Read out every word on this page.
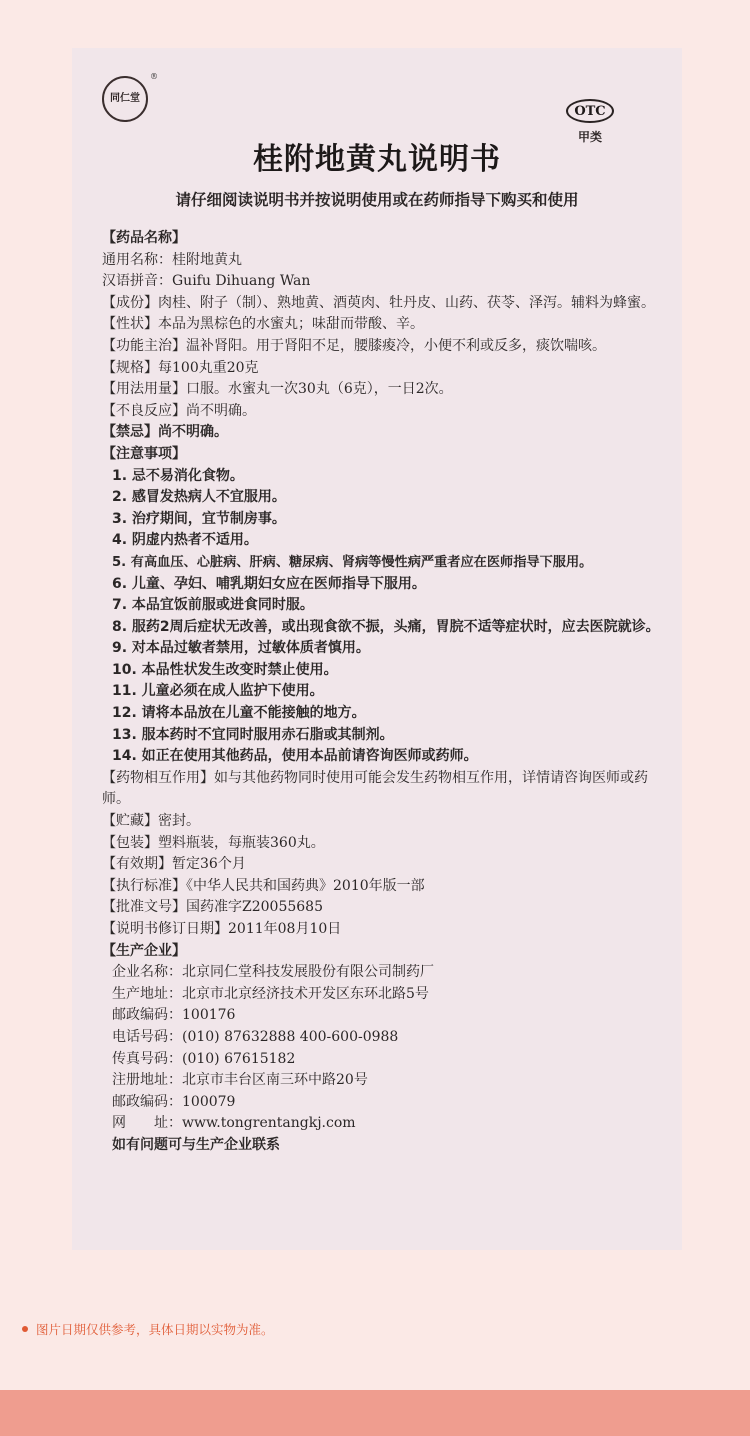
同仁堂
®
OTC
甲类
桂附地黄丸说明书
请仔细阅读说明书并按说明使用或在药师指导下购买和使用
【药品名称】
通用名称：桂附地黄丸
汉语拼音：Guifu Dihuang Wan
【成份】肉桂、附子（制）、熟地黄、酒萸肉、牡丹皮、山药、茯苓、泽泻。辅料为蜂蜜。
【性状】本品为黑棕色的水蜜丸；味甜而带酸、辛。
【功能主治】温补肾阳。用于肾阳不足，腰膝痠冷，小便不利或反多，痰饮喘咳。
【规格】每100丸重20克
【用法用量】口服。水蜜丸一次30丸（6克），一日2次。
【不良反应】尚不明确。
【禁忌】尚不明确。
【注意事项】
1. 忌不易消化食物。
2. 感冒发热病人不宜服用。
3. 治疗期间，宜节制房事。
4. 阴虚内热者不适用。
5. 有高血压、心脏病、肝病、糖尿病、肾病等慢性病严重者应在医师指导下服用。
6. 儿童、孕妇、哺乳期妇女应在医师指导下服用。
7. 本品宜饭前服或进食同时服。
8. 服药2周后症状无改善，或出现食欲不振，头痛，胃脘不适等症状时，应去医院就诊。
9. 对本品过敏者禁用，过敏体质者慎用。
10. 本品性状发生改变时禁止使用。
11. 儿童必须在成人监护下使用。
12. 请将本品放在儿童不能接触的地方。
13. 服本药时不宜同时服用赤石脂或其制剂。
14. 如正在使用其他药品，使用本品前请咨询医师或药师。
【药物相互作用】如与其他药物同时使用可能会发生药物相互作用，详情请咨询医师或药师。
【贮藏】密封。
【包装】塑料瓶装，每瓶装360丸。
【有效期】暂定36个月
【执行标准】《中华人民共和国药典》2010年版一部
【批准文号】国药准字Z20055685
【说明书修订日期】2011年08月10日
【生产企业】
企业名称：北京同仁堂科技发展股份有限公司制药厂
生产地址：北京市北京经济技术开发区东环北路5号
邮政编码：100176
电话号码：(010) 87632888 400-600-0988
传真号码：(010) 67615182
注册地址：北京市丰台区南三环中路20号
邮政编码：100079
网　　址：www.tongrentangkj.com
如有问题可与生产企业联系
图片日期仅供参考，具体日期以实物为准。
